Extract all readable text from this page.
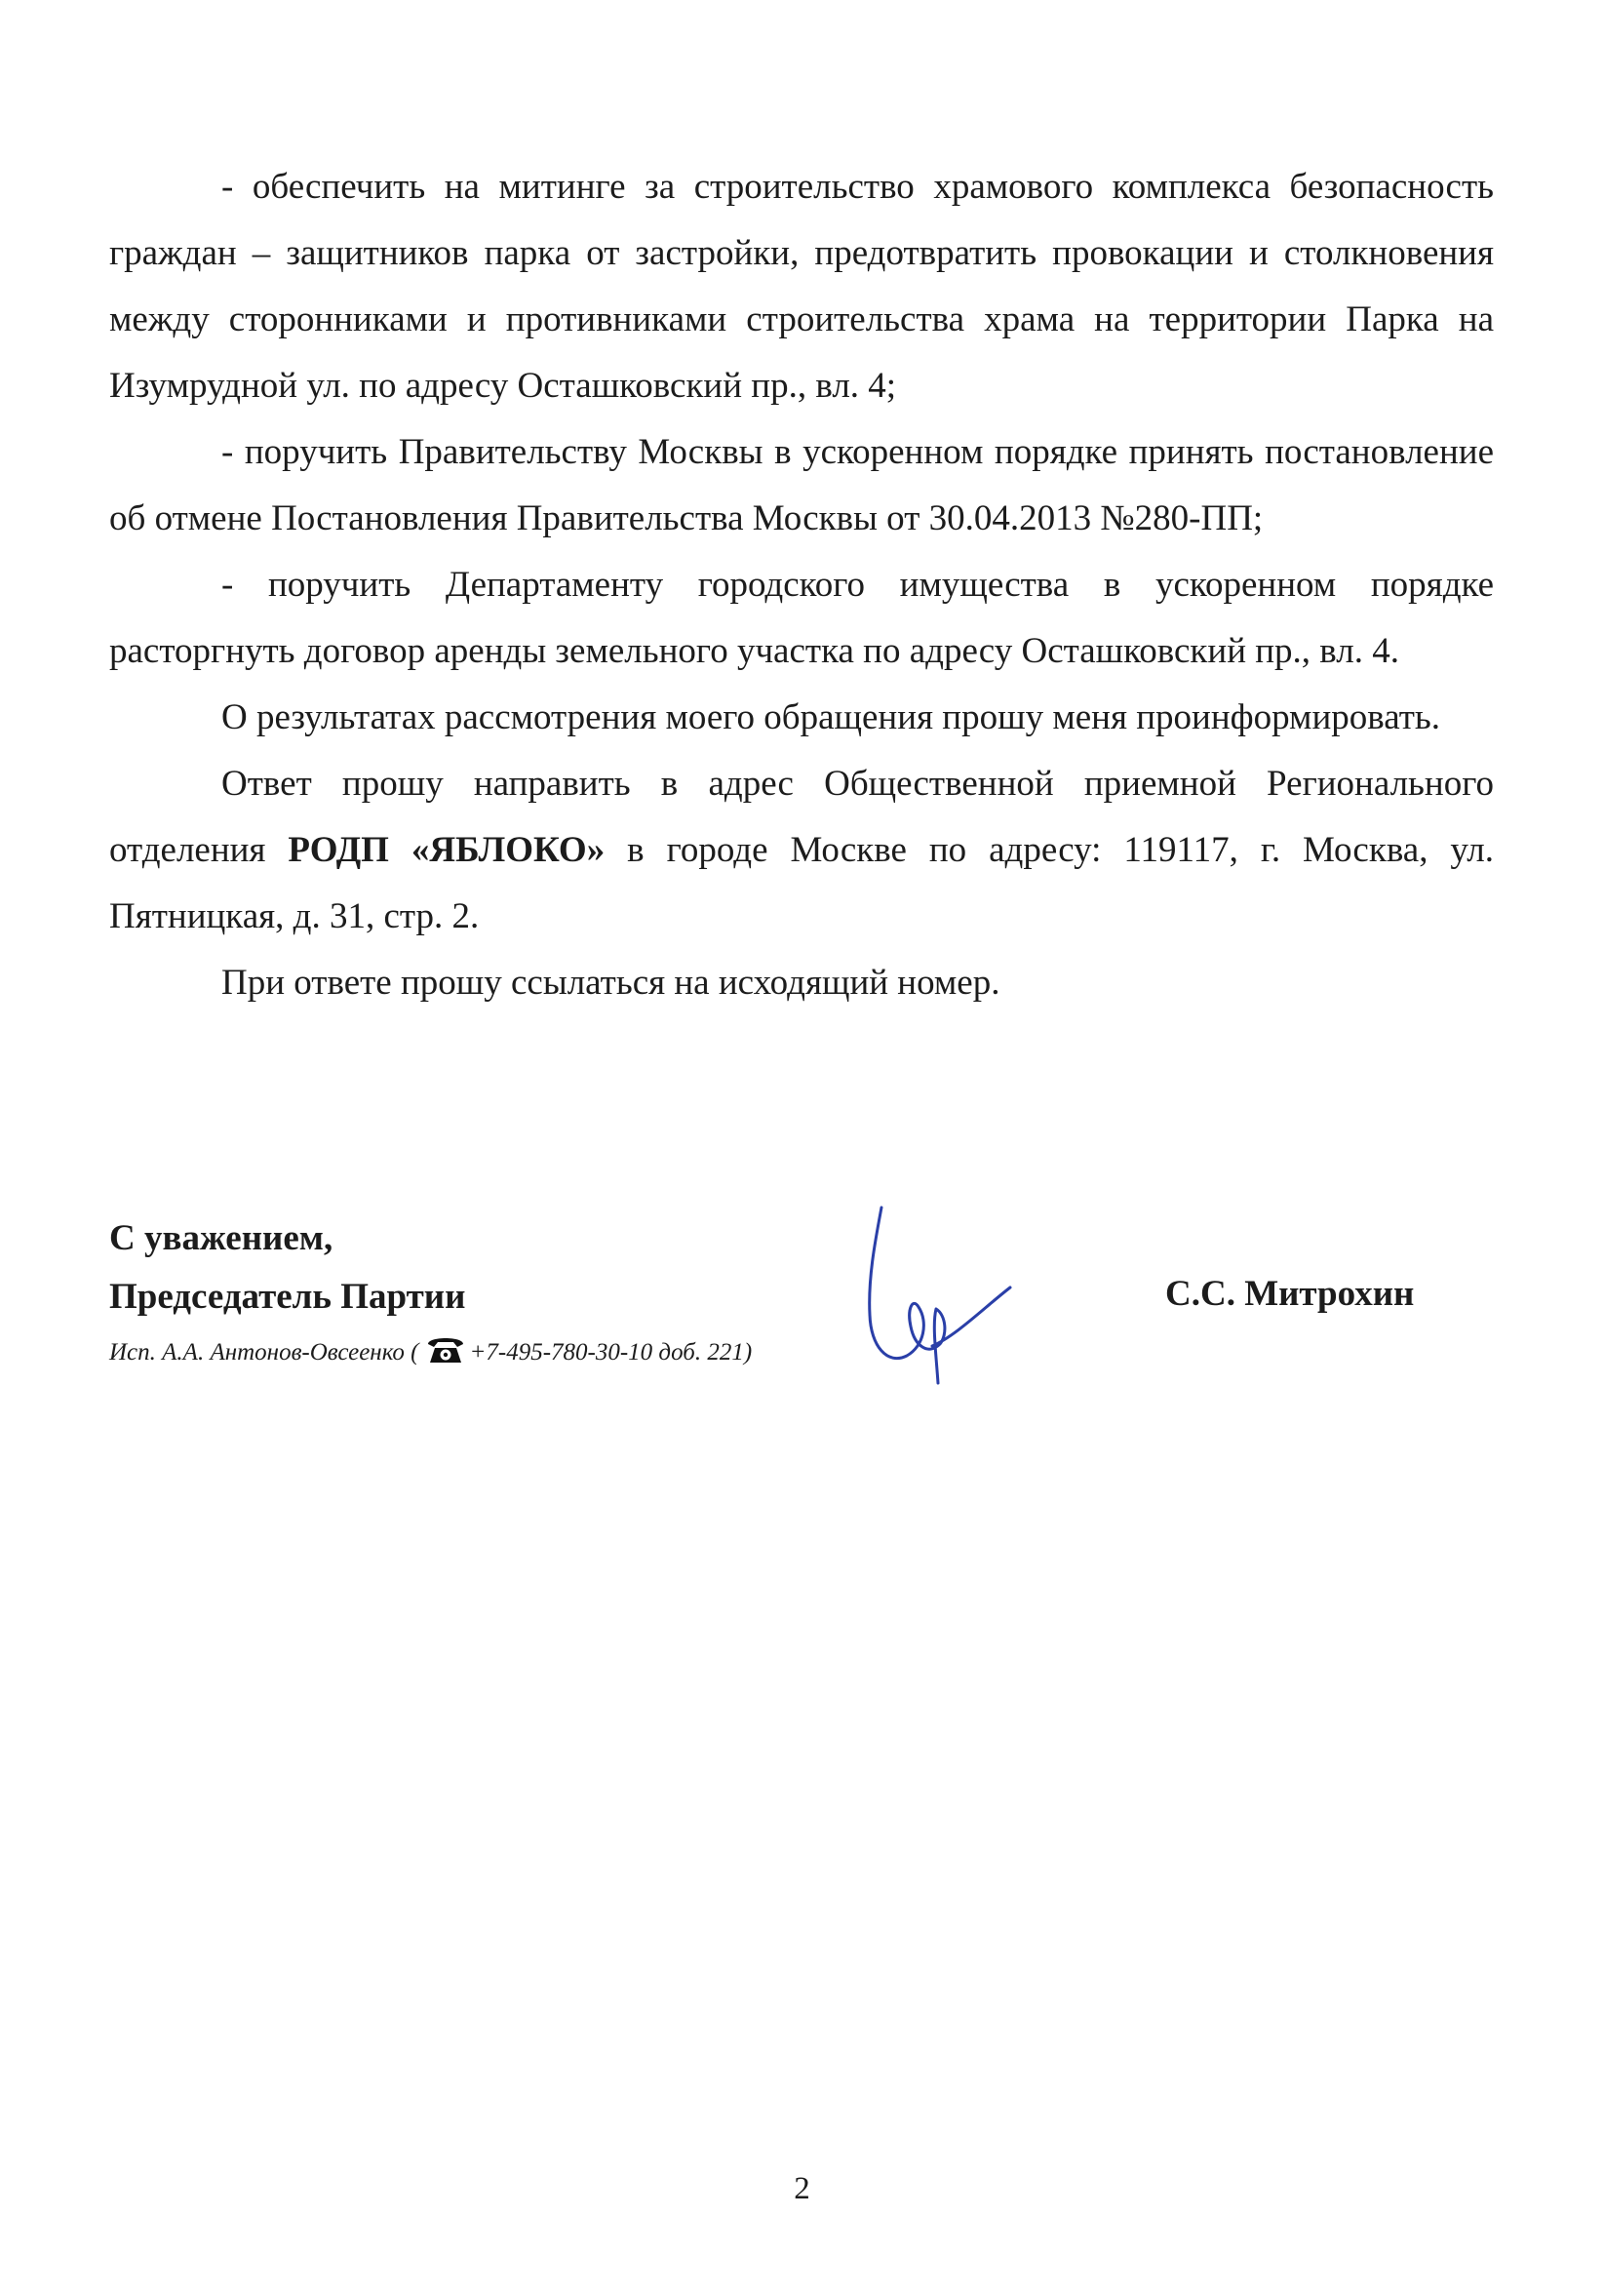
- обеспечить на митинге за строительство храмового комплекса безопасность граждан – защитников парка от застройки, предотвратить провокации и столкновения между сторонниками и противниками строительства храма на территории Парка на Изумрудной ул. по адресу Осташковский пр., вл. 4;

- поручить Правительству Москвы в ускоренном порядке принять постановление об отмене Постановления Правительства Москвы от 30.04.2013 №280-ПП;

- поручить Департаменту городского имущества в ускоренном порядке расторгнуть договор аренды земельного участка по адресу Осташковский пр., вл. 4.

О результатах рассмотрения моего обращения прошу меня проинформировать.

Ответ прошу направить в адрес Общественной приемной Регионального отделения РОДП «ЯБЛОКО» в городе Москве по адресу: 119117, г. Москва, ул. Пятницкая, д. 31, стр. 2.

При ответе прошу ссылаться на исходящий номер.

С уважением,
Председатель Партии	С.С. Митрохин
Исп. А.А. Антонов-Овсеенко ( +7-495-780-30-10 доб. 221)
2
